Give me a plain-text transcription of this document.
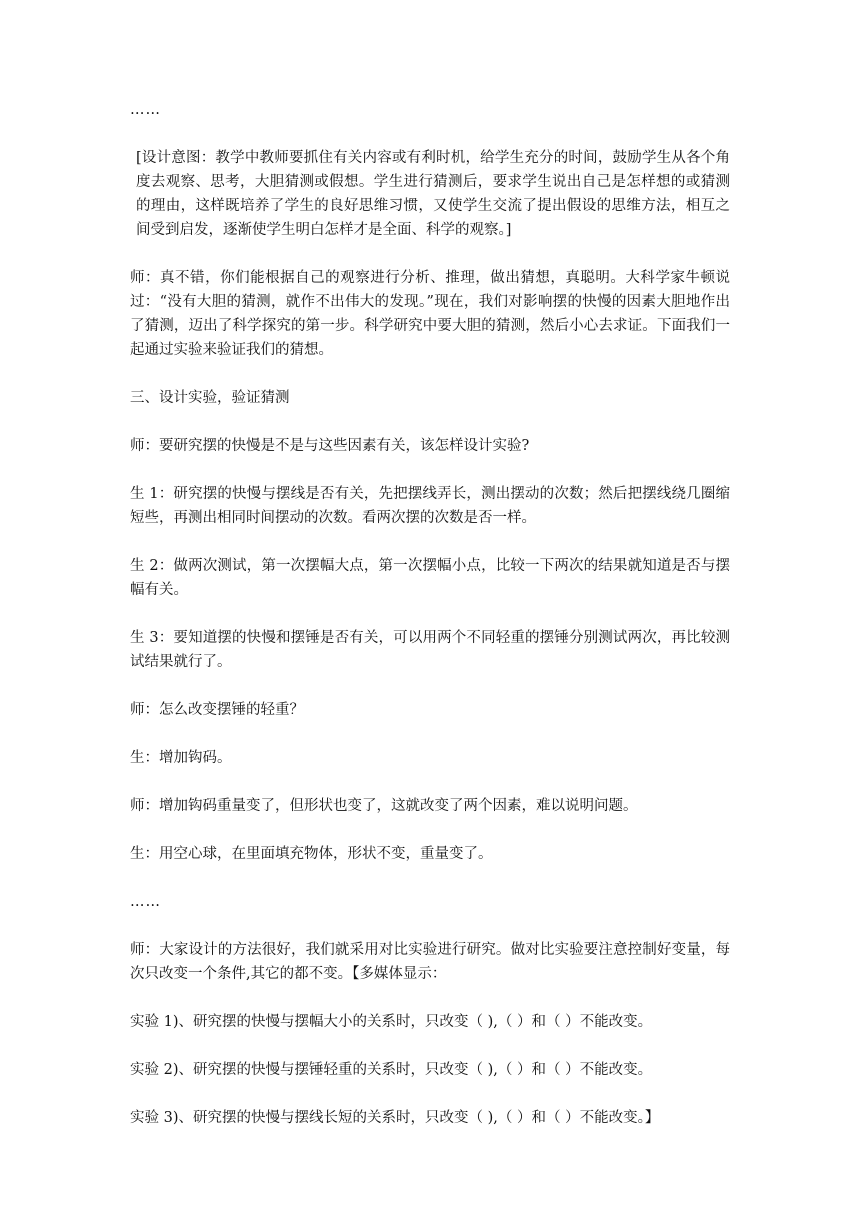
……

[设计意图：教学中教师要抓住有关内容或有利时机，给学生充分的时间，鼓励学生从各个角度去观察、思考，大胆猜测或假想。学生进行猜测后，要求学生说出自己是怎样想的或猜测的理由，这样既培养了学生的良好思维习惯，又使学生交流了提出假设的思维方法，相互之间受到启发，逐渐使学生明白怎样才是全面、科学的观察。]

师：真不错，你们能根据自己的观察进行分析、推理，做出猜想，真聪明。大科学家牛顿说过：“没有大胆的猜测，就作不出伟大的发现。”现在，我们对影响摆的快慢的因素大胆地作出了猜测，迈出了科学探究的第一步。科学研究中要大胆的猜测，然后小心去求证。下面我们一起通过实验来验证我们的猜想。

三、设计实验，验证猜测

师：要研究摆的快慢是不是与这些因素有关，该怎样设计实验?

生 1：研究摆的快慢与摆线是否有关，先把摆线弄长，测出摆动的次数；然后把摆线绕几圈缩短些，再测出相同时间摆动的次数。看两次摆的次数是否一样。

生 2：做两次测试，第一次摆幅大点，第一次摆幅小点，比较一下两次的结果就知道是否与摆幅有关。

生 3：要知道摆的快慢和摆锤是否有关，可以用两个不同轻重的摆锤分别测试两次，再比较测试结果就行了。

师：怎么改变摆锤的轻重？

生：增加钩码。

师：增加钩码重量变了，但形状也变了，这就改变了两个因素，难以说明问题。

生：用空心球，在里面填充物体，形状不变，重量变了。

……

师：大家设计的方法很好，我们就采用对比实验进行研究。做对比实验要注意控制好变量，每次只改变一个条件,其它的都不变。【多媒体显示：

实验 1)、研究摆的快慢与摆幅大小的关系时，只改变（ ),（ ）和（ ）不能改变。

实验 2)、研究摆的快慢与摆锤轻重的关系时，只改变（ ),（ ）和（ ）不能改变。

实验 3)、研究摆的快慢与摆线长短的关系时，只改变（ ),（ ）和（ ）不能改变。】
